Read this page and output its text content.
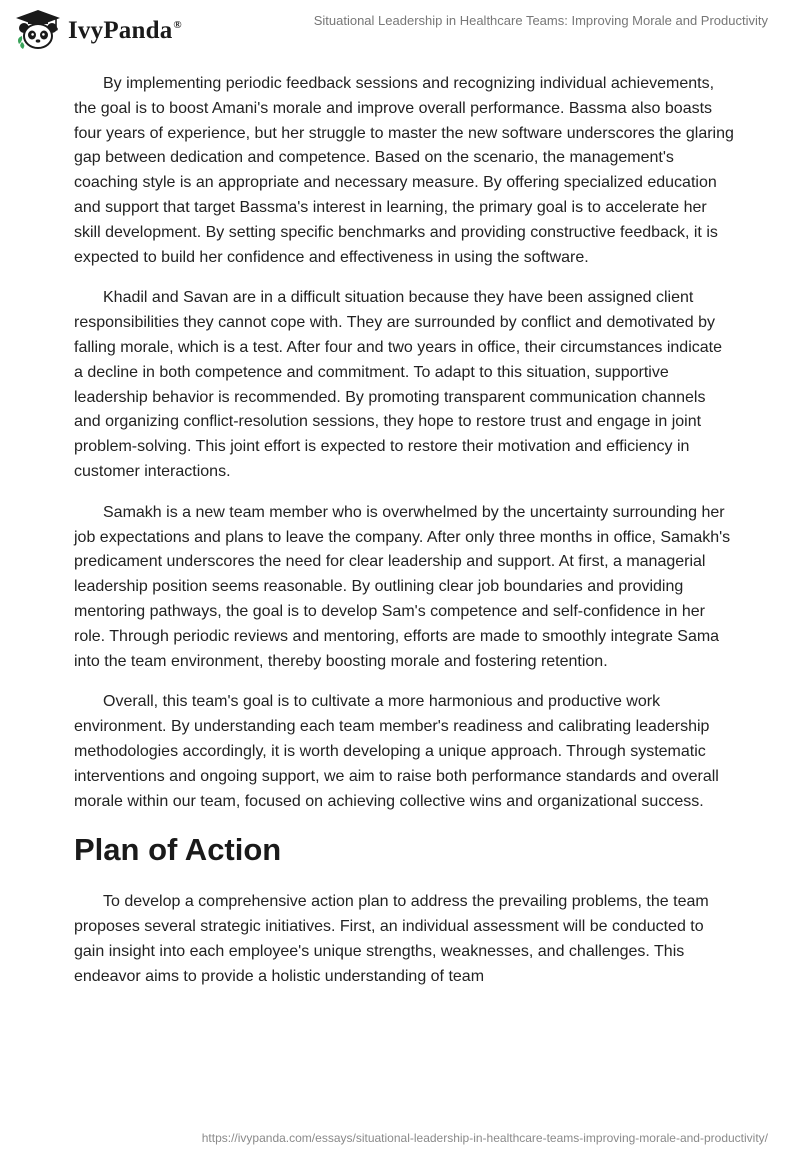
IvyPanda®	Situational Leadership in Healthcare Teams: Improving Morale and Productivity

By implementing periodic feedback sessions and recognizing individual achievements, the goal is to boost Amani's morale and improve overall performance. Bassma also boasts four years of experience, but her struggle to master the new software underscores the glaring gap between dedication and competence. Based on the scenario, the management's coaching style is an appropriate and necessary measure. By offering specialized education and support that target Bassma's interest in learning, the primary goal is to accelerate her skill development. By setting specific benchmarks and providing constructive feedback, it is expected to build her confidence and effectiveness in using the software.

Khadil and Savan are in a difficult situation because they have been assigned client responsibilities they cannot cope with. They are surrounded by conflict and demotivated by falling morale, which is a test. After four and two years in office, their circumstances indicate a decline in both competence and commitment. To adapt to this situation, supportive leadership behavior is recommended. By promoting transparent communication channels and organizing conflict-resolution sessions, they hope to restore trust and engage in joint problem-solving. This joint effort is expected to restore their motivation and efficiency in customer interactions.

Samakh is a new team member who is overwhelmed by the uncertainty surrounding her job expectations and plans to leave the company. After only three months in office, Samakh's predicament underscores the need for clear leadership and support. At first, a managerial leadership position seems reasonable. By outlining clear job boundaries and providing mentoring pathways, the goal is to develop Sam's competence and self-confidence in her role. Through periodic reviews and mentoring, efforts are made to smoothly integrate Sama into the team environment, thereby boosting morale and fostering retention.

Overall, this team's goal is to cultivate a more harmonious and productive work environment. By understanding each team member's readiness and calibrating leadership methodologies accordingly, it is worth developing a unique approach. Through systematic interventions and ongoing support, we aim to raise both performance standards and overall morale within our team, focused on achieving collective wins and organizational success.

Plan of Action

To develop a comprehensive action plan to address the prevailing problems, the team proposes several strategic initiatives. First, an individual assessment will be conducted to gain insight into each employee's unique strengths, weaknesses, and challenges. This endeavor aims to provide a holistic understanding of team

https://ivypanda.com/essays/situational-leadership-in-healthcare-teams-improving-morale-and-productivity/
